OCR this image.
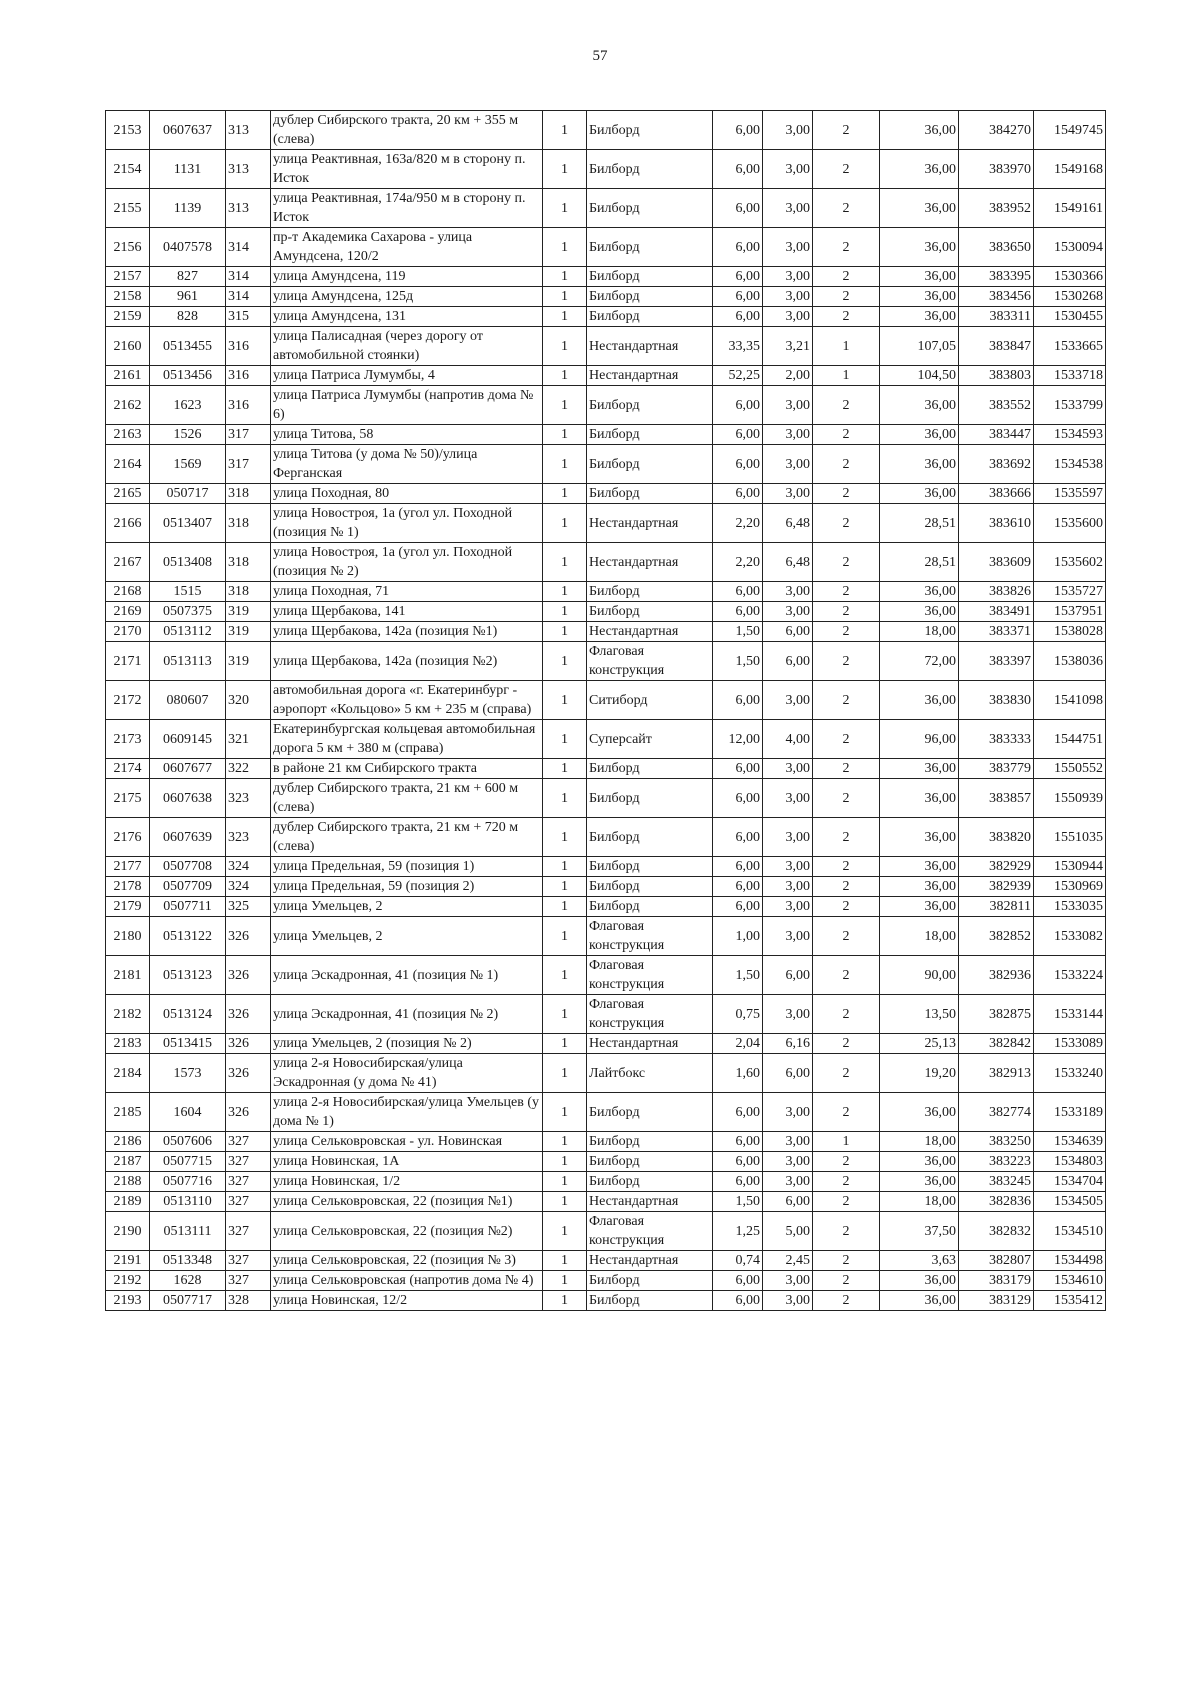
57
2153	0607637	313	дублер Сибирского тракта, 20 км + 355 м (слева)	1	Билборд	6,00	3,00	2	36,00	384270	1549745
2154	1131	313	улица Реактивная, 163а/820 м в сторону п. Исток	1	Билборд	6,00	3,00	2	36,00	383970	1549168
2155	1139	313	улица Реактивная, 174а/950 м в сторону п. Исток	1	Билборд	6,00	3,00	2	36,00	383952	1549161
2156	0407578	314	пр-т Академика Сахарова - улица Амундсена, 120/2	1	Билборд	6,00	3,00	2	36,00	383650	1530094
2157	827	314	улица Амундсена, 119	1	Билборд	6,00	3,00	2	36,00	383395	1530366
2158	961	314	улица Амундсена, 125д	1	Билборд	6,00	3,00	2	36,00	383456	1530268
2159	828	315	улица Амундсена, 131	1	Билборд	6,00	3,00	2	36,00	383311	1530455
2160	0513455	316	улица Палисадная (через дорогу от автомобильной стоянки)	1	Нестандартная	33,35	3,21	1	107,05	383847	1533665
2161	0513456	316	улица Патриса Лумумбы, 4	1	Нестандартная	52,25	2,00	1	104,50	383803	1533718
2162	1623	316	улица Патриса Лумумбы (напротив дома № 6)	1	Билборд	6,00	3,00	2	36,00	383552	1533799
2163	1526	317	улица Титова, 58	1	Билборд	6,00	3,00	2	36,00	383447	1534593
2164	1569	317	улица Титова (у дома № 50)/улица Ферганская	1	Билборд	6,00	3,00	2	36,00	383692	1534538
2165	050717	318	улица Походная, 80	1	Билборд	6,00	3,00	2	36,00	383666	1535597
2166	0513407	318	улица Новостроя, 1а (угол ул. Походной (позиция № 1)	1	Нестандартная	2,20	6,48	2	28,51	383610	1535600
2167	0513408	318	улица Новостроя, 1а (угол ул. Походной (позиция № 2)	1	Нестандартная	2,20	6,48	2	28,51	383609	1535602
2168	1515	318	улица Походная, 71	1	Билборд	6,00	3,00	2	36,00	383826	1535727
2169	0507375	319	улица Щербакова, 141	1	Билборд	6,00	3,00	2	36,00	383491	1537951
2170	0513112	319	улица Щербакова, 142а (позиция №1)	1	Нестандартная	1,50	6,00	2	18,00	383371	1538028
2171	0513113	319	улица Щербакова, 142а (позиция №2)	1	Флаговая конструкция	1,50	6,00	2	72,00	383397	1538036
2172	080607	320	автомобильная дорога «г. Екатеринбург - аэропорт «Кольцово» 5 км + 235 м (справа)	1	Ситиборд	6,00	3,00	2	36,00	383830	1541098
2173	0609145	321	Екатеринбургская кольцевая автомобильная дорога 5 км + 380 м (справа)	1	Суперсайт	12,00	4,00	2	96,00	383333	1544751
2174	0607677	322	в районе 21 км Сибирского тракта	1	Билборд	6,00	3,00	2	36,00	383779	1550552
2175	0607638	323	дублер Сибирского тракта, 21 км + 600 м (слева)	1	Билборд	6,00	3,00	2	36,00	383857	1550939
2176	0607639	323	дублер Сибирского тракта, 21 км + 720 м (слева)	1	Билборд	6,00	3,00	2	36,00	383820	1551035
2177	0507708	324	улица Предельная, 59 (позиция 1)	1	Билборд	6,00	3,00	2	36,00	382929	1530944
2178	0507709	324	улица Предельная, 59 (позиция 2)	1	Билборд	6,00	3,00	2	36,00	382939	1530969
2179	0507711	325	улица Умельцев, 2	1	Билборд	6,00	3,00	2	36,00	382811	1533035
2180	0513122	326	улица Умельцев, 2	1	Флаговая конструкция	1,00	3,00	2	18,00	382852	1533082
2181	0513123	326	улица Эскадронная, 41 (позиция № 1)	1	Флаговая конструкция	1,50	6,00	2	90,00	382936	1533224
2182	0513124	326	улица Эскадронная, 41 (позиция № 2)	1	Флаговая конструкция	0,75	3,00	2	13,50	382875	1533144
2183	0513415	326	улица Умельцев, 2 (позиция № 2)	1	Нестандартная	2,04	6,16	2	25,13	382842	1533089
2184	1573	326	улица 2-я Новосибирская/улица Эскадронная (у дома № 41)	1	Лайтбокс	1,60	6,00	2	19,20	382913	1533240
2185	1604	326	улица 2-я Новосибирская/улица Умельцев (у дома № 1)	1	Билборд	6,00	3,00	2	36,00	382774	1533189
2186	0507606	327	улица Сельковровская - ул. Новинская	1	Билборд	6,00	3,00	1	18,00	383250	1534639
2187	0507715	327	улица Новинская, 1А	1	Билборд	6,00	3,00	2	36,00	383223	1534803
2188	0507716	327	улица Новинская, 1/2	1	Билборд	6,00	3,00	2	36,00	383245	1534704
2189	0513110	327	улица Сельковровская, 22 (позиция №1)	1	Нестандартная	1,50	6,00	2	18,00	382836	1534505
2190	0513111	327	улица Сельковровская, 22 (позиция №2)	1	Флаговая конструкция	1,25	5,00	2	37,50	382832	1534510
2191	0513348	327	улица Сельковровская, 22 (позиция № 3)	1	Нестандартная	0,74	2,45	2	3,63	382807	1534498
2192	1628	327	улица Сельковровская (напротив дома № 4)	1	Билборд	6,00	3,00	2	36,00	383179	1534610
2193	0507717	328	улица Новинская, 12/2	1	Билборд	6,00	3,00	2	36,00	383129	1535412
